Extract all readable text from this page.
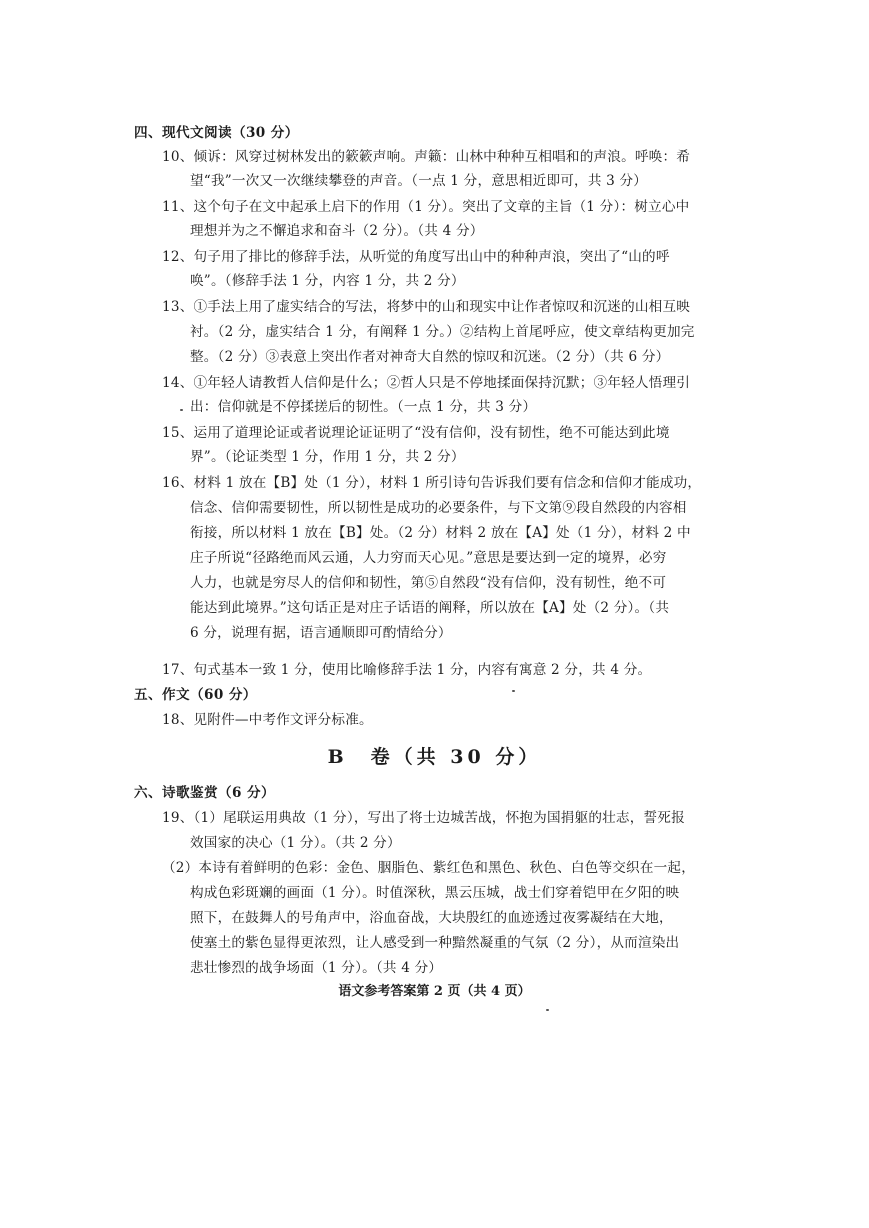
四、现代文阅读（30 分）
10、倾诉：风穿过树林发出的簌簌声响。声籁：山林中种种互相唱和的声浪。呼唤：希
望“我”一次又一次继续攀登的声音。（一点 1 分，意思相近即可，共 3 分）
11、这个句子在文中起承上启下的作用（1 分）。突出了文章的主旨（1 分）：树立心中
理想并为之不懈追求和奋斗（2 分）。（共 4 分）
12、句子用了排比的修辞手法，从听觉的角度写出山中的种种声浪，突出了“山的呼
唤”。（修辞手法 1 分，内容 1 分，共 2 分）
13、①手法上用了虚实结合的写法，将梦中的山和现实中让作者惊叹和沉迷的山相互映
衬。（2 分，虚实结合 1 分，有阐释 1 分。）②结构上首尾呼应，使文章结构更加完
整。（2 分）③表意上突出作者对神奇大自然的惊叹和沉迷。（2 分）（共 6 分）
14、①年轻人请教哲人信仰是什么；②哲人只是不停地揉面保持沉默；③年轻人悟理引
出：信仰就是不停揉搓后的韧性。（一点 1 分，共 3 分）
15、运用了道理论证或者说理论证证明了“没有信仰，没有韧性，绝不可能达到此境
界”。（论证类型 1 分，作用 1 分，共 2 分）
16、材料 1 放在【B】处（1 分），材料 1 所引诗句告诉我们要有信念和信仰才能成功，
信念、信仰需要韧性，所以韧性是成功的必要条件，与下文第⑨段自然段的内容相
衔接，所以材料 1 放在【B】处。（2 分）材料 2 放在【A】处（1 分），材料 2 中
庄子所说“径路绝而风云通，人力穷而天心见。”意思是要达到一定的境界，必穷
人力，也就是穷尽人的信仰和韧性，第⑤自然段“没有信仰，没有韧性，绝不可
能达到此境界。”这句话正是对庄子话语的阐释，所以放在【A】处（2 分）。（共
6 分，说理有据，语言通顺即可酌情给分）
17、句式基本一致 1 分，使用比喻修辞手法 1 分，内容有寓意 2 分，共 4 分。
五、作文（60 分）
18、见附件—中考作文评分标准。
B　卷（共 30 分）
六、诗歌鉴赏（6 分）
19、（1）尾联运用典故（1 分），写出了将士边城苦战，怀抱为国捐躯的壮志，誓死报
效国家的决心（1 分）。（共 2 分）
（2）本诗有着鲜明的色彩：金色、胭脂色、紫红色和黑色、秋色、白色等交织在一起，
构成色彩斑斓的画面（1 分）。时值深秋，黑云压城，战士们穿着铠甲在夕阳的映
照下，在鼓舞人的号角声中，浴血奋战，大块殷红的血迹透过夜雾凝结在大地，
使塞土的紫色显得更浓烈，让人感受到一种黯然凝重的气氛（2 分），从而渲染出
悲壮惨烈的战争场面（1 分）。（共 4 分）
语文参考答案第 2 页（共 4 页）
